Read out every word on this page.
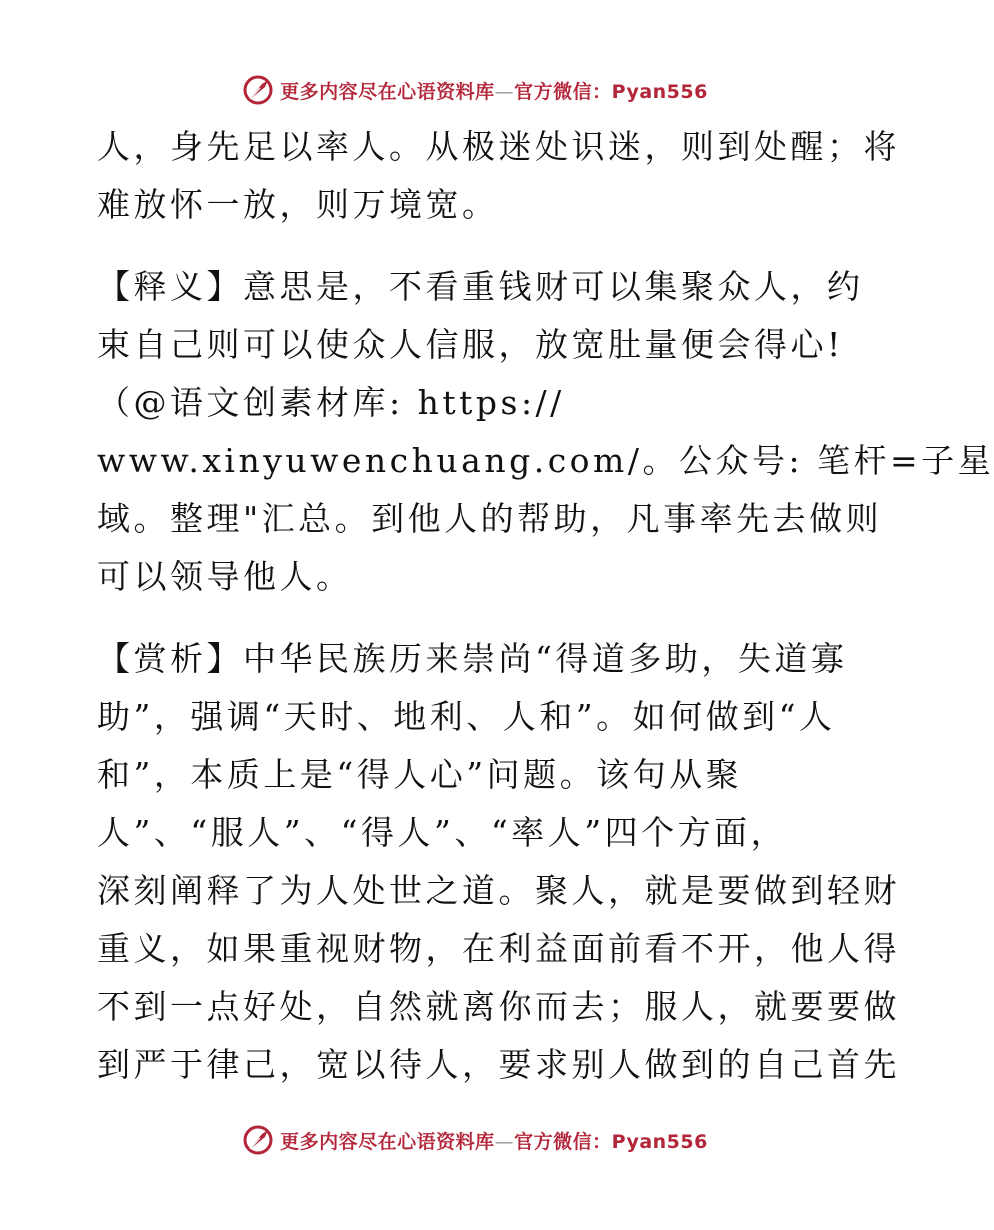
更多内容尽在心语资料库—官方微信：Pyan556
人，身先足以率人。从极迷处识迷，则到处醒；将
难放怀一放，则万境宽。
【释义】意思是，不看重钱财可以集聚众人，约
束自己则可以使众人信服，放宽肚量便会得心!
（@语文创素材库: https://
www.xinyuwenchuang.com/。公众号: 笔杆=子星
域。整理"汇总。到他人的帮助，凡事率先去做则
可以领导他人。
【赏析】中华民族历来崇尚“得道多助，失道寡
助”，强调“天时、地利、人和”。如何做到“人
和”，本质上是“得人心”问题。该句从聚
人”、“服人”、“得人”、“率人”四个方面，
深刻阐释了为人处世之道。聚人，就是要做到轻财
重义，如果重视财物，在利益面前看不开，他人得
不到一点好处，自然就离你而去；服人，就要要做
到严于律己，宽以待人，要求别人做到的自己首先
更多内容尽在心语资料库—官方微信：Pyan556
